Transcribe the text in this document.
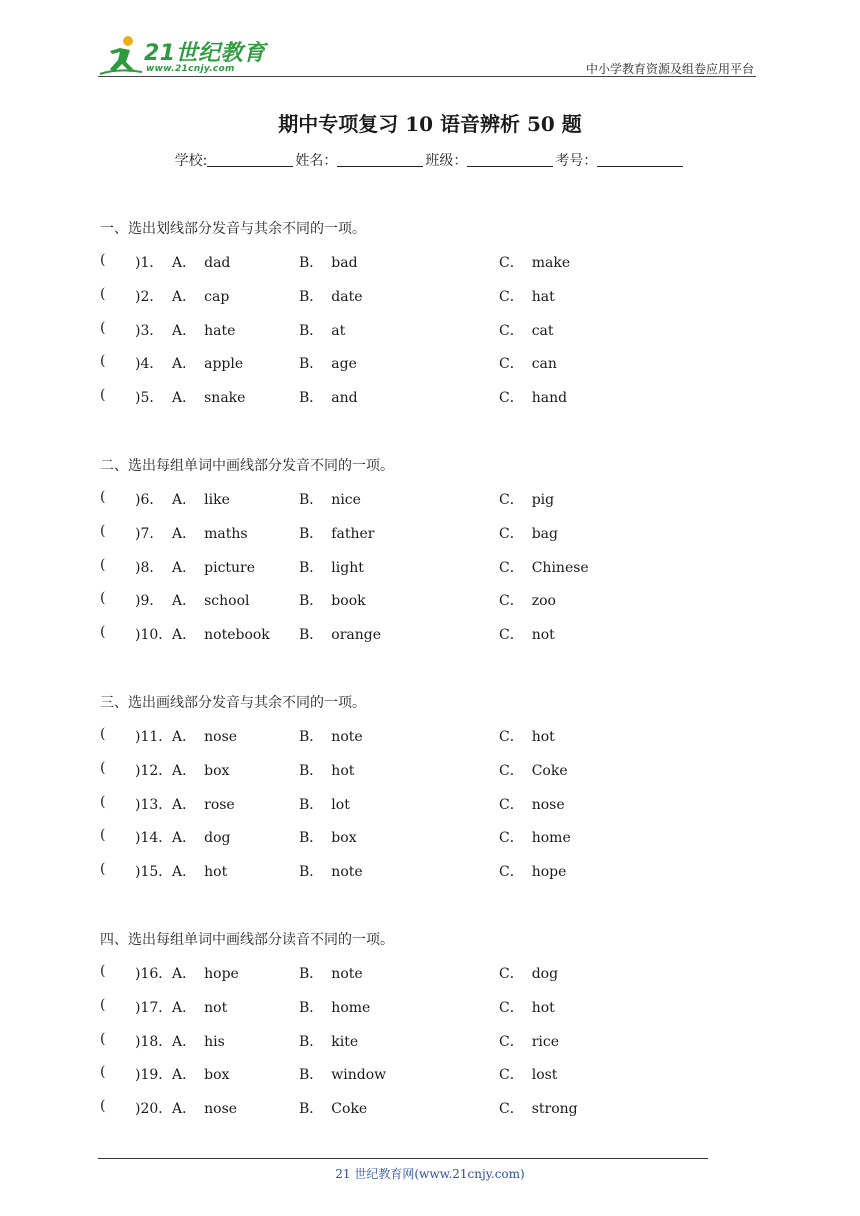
21世纪教育
www.21cnjy.com	中小学教育资源及组卷应用平台
期中专项复习 10 语音辨析 50 题
学校:	姓名：	班级：	考号：
一、选出划线部分发音与其余不同的一项。
( )1． A． dad	B． bad	C． make
( )2． A． cap	B． date	C． hat
( )3． A． hate	B． at	C． cat
( )4． A． apple	B． age	C． can
( )5． A． snake	B． and	C． hand
二、选出每组单词中画线部分发音不同的一项。
( )6． A． like	B． nice	C． pig
( )7． A． maths	B． father	C． bag
( )8． A． picture	B． light	C． Chinese
( )9． A． school	B． book	C． zoo
( )10． A． notebook B． orange	C． not
三、选出画线部分发音与其余不同的一项。
( )11． A． nose	B． note	C． hot
( )12． A． box	B． hot	C． Coke
( )13． A． rose	B． lot	C． nose
( )14． A． dog	B． box	C． home
( )15． A． hot	B． note	C． hope
四、选出每组单词中画线部分读音不同的一项。
( )16． A． hope	B． note	C． dog
( )17． A． not	B． home	C． hot
( )18． A． his	B． kite	C． rice
( )19． A． box	B． window	C． lost
( )20． A． nose	B． Coke	C． strong
21 世纪教育网(www.21cnjy.com)
